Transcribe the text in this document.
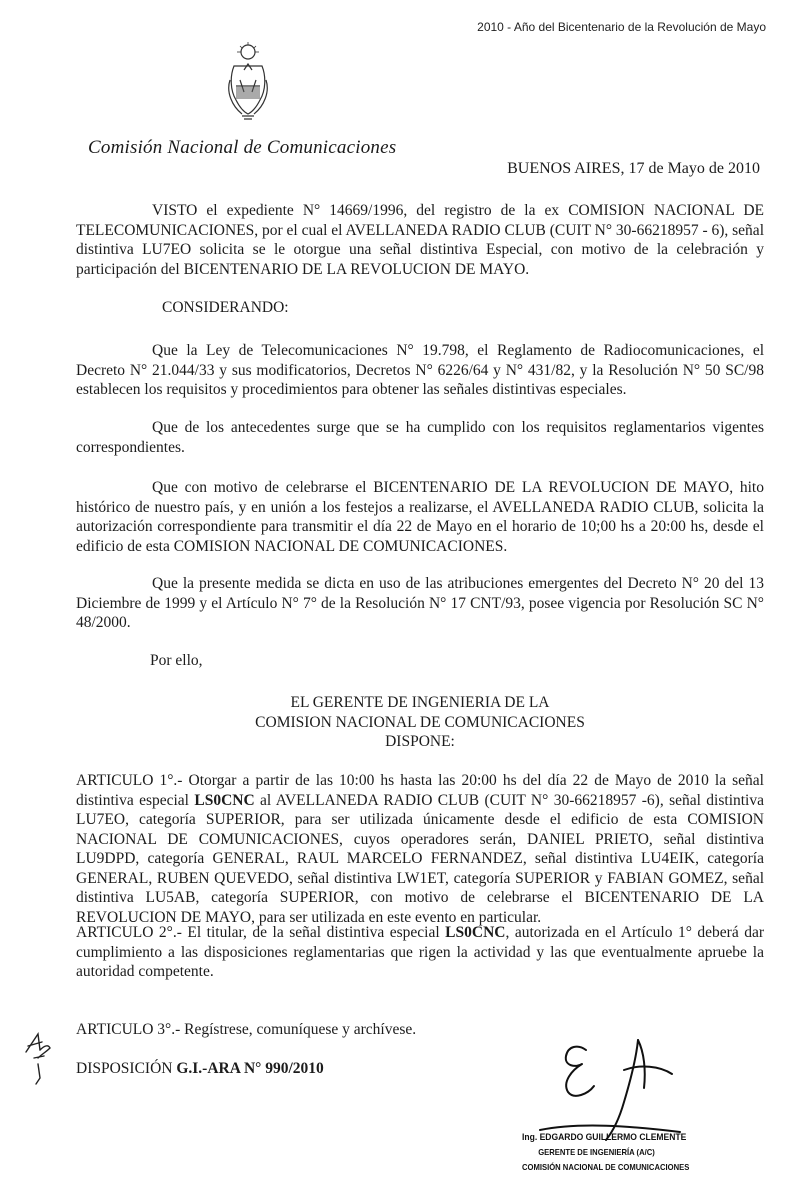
2010 - Año del Bicentenario de la Revolución de Mayo
Comisión Nacional de Comunicaciones
BUENOS AIRES, 17 de Mayo de 2010

VISTO el expediente N° 14669/1996, del registro de la ex COMISION NACIONAL DE TELECOMUNICACIONES, por el cual el AVELLANEDA RADIO CLUB (CUIT N° 30-66218957 - 6), señal distintiva LU7EO solicita se le otorgue una señal distintiva Especial, con motivo de la celebración y participación del BICENTENARIO DE LA REVOLUCION DE MAYO.

CONSIDERANDO:

Que la Ley de Telecomunicaciones N° 19.798, el Reglamento de Radiocomunicaciones, el Decreto N° 21.044/33 y sus modificatorios, Decretos N° 6226/64 y N° 431/82, y la Resolución N° 50 SC/98 establecen los requisitos y procedimientos para obtener las señales distintivas especiales.

Que de los antecedentes surge que se ha cumplido con los requisitos reglamentarios vigentes correspondientes.

Que con motivo de celebrarse el BICENTENARIO DE LA REVOLUCION DE MAYO, hito histórico de nuestro país, y en unión a los festejos a realizarse, el AVELLANEDA RADIO CLUB, solicita la autorización correspondiente para transmitir el día 22 de Mayo en el horario de 10;00 hs a 20:00 hs, desde el edificio de esta COMISION NACIONAL DE COMUNICACIONES.

Que la presente medida se dicta en uso de las atribuciones emergentes del Decreto N° 20 del 13 Diciembre de 1999 y el Artículo N° 7° de la Resolución N° 17 CNT/93, posee vigencia por Resolución SC N° 48/2000.

Por ello,
EL GERENTE DE INGENIERIA DE LA
COMISION NACIONAL DE COMUNICACIONES
DISPONE:

ARTICULO 1°.- Otorgar a partir de las 10:00 hs hasta las 20:00 hs del día 22 de Mayo de 2010 la señal distintiva especial LS0CNC al AVELLANEDA RADIO CLUB (CUIT N° 30-66218957 -6), señal distintiva LU7EO, categoría SUPERIOR, para ser utilizada únicamente desde el edificio de esta COMISION NACIONAL DE COMUNICACIONES, cuyos operadores serán, DANIEL PRIETO, señal distintiva LU9DPD, categoría GENERAL, RAUL MARCELO FERNANDEZ, señal distintiva LU4EIK, categoría GENERAL, RUBEN QUEVEDO, señal distintiva LW1ET, categoría SUPERIOR y FABIAN GOMEZ, señal distintiva LU5AB, categoría SUPERIOR, con motivo de celebrarse el BICENTENARIO DE LA REVOLUCION DE MAYO, para ser utilizada en este evento en particular.

ARTICULO 2°.- El titular, de la señal distintiva especial LS0CNC, autorizada en el Artículo 1° deberá dar cumplimiento a las disposiciones reglamentarias que rigen la actividad y las que eventualmente apruebe la autoridad competente.

ARTICULO 3°.- Regístrese, comuníquese y archívese.
DISPOSICIÓN G.I.-ARA N° 990/2010
Ing. EDGARDO GUILLERMO CLEMENTE
GERENTE DE INGENIERÍA (A/C)
COMISIÓN NACIONAL DE COMUNICACIONES
